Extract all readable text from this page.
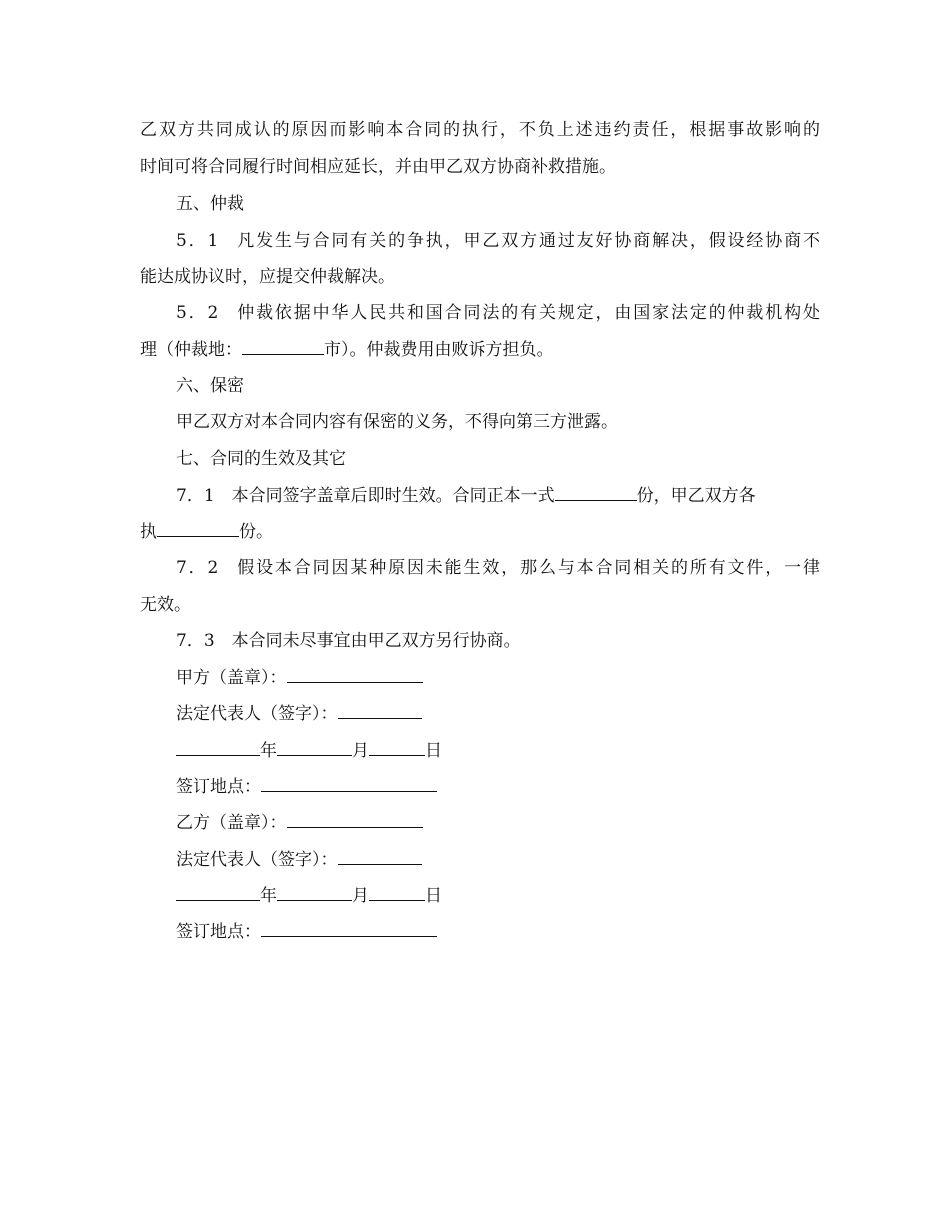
乙双方共同成认的原因而影响本合同的执行，不负上述违约责任，根据事故影响的
时间可将合同履行时间相应延长，并由甲乙双方协商补救措施。
五、仲裁
5．1 凡发生与合同有关的争执，甲乙双方通过友好协商解决，假设经协商不
能达成协议时，应提交仲裁解决。
5．2 仲裁依据中华人民共和国合同法的有关规定，由国家法定的仲裁机构处
理（仲裁地：	市）。仲裁费用由败诉方担负。
六、保密
甲乙双方对本合同内容有保密的义务，不得向第三方泄露。
七、合同的生效及其它
7．1 本合同签字盖章后即时生效。合同正本一式	份，甲乙双方各
执	份。
7．2 假设本合同因某种原因未能生效，那么与本合同相关的所有文件，一律
无效。
7．3 本合同未尽事宜由甲乙双方另行协商。
甲方（盖章）：
法定代表人（签字）：
年	月	日
签订地点：
乙方（盖章）：
法定代表人（签字）：
年	月	日
签订地点：
